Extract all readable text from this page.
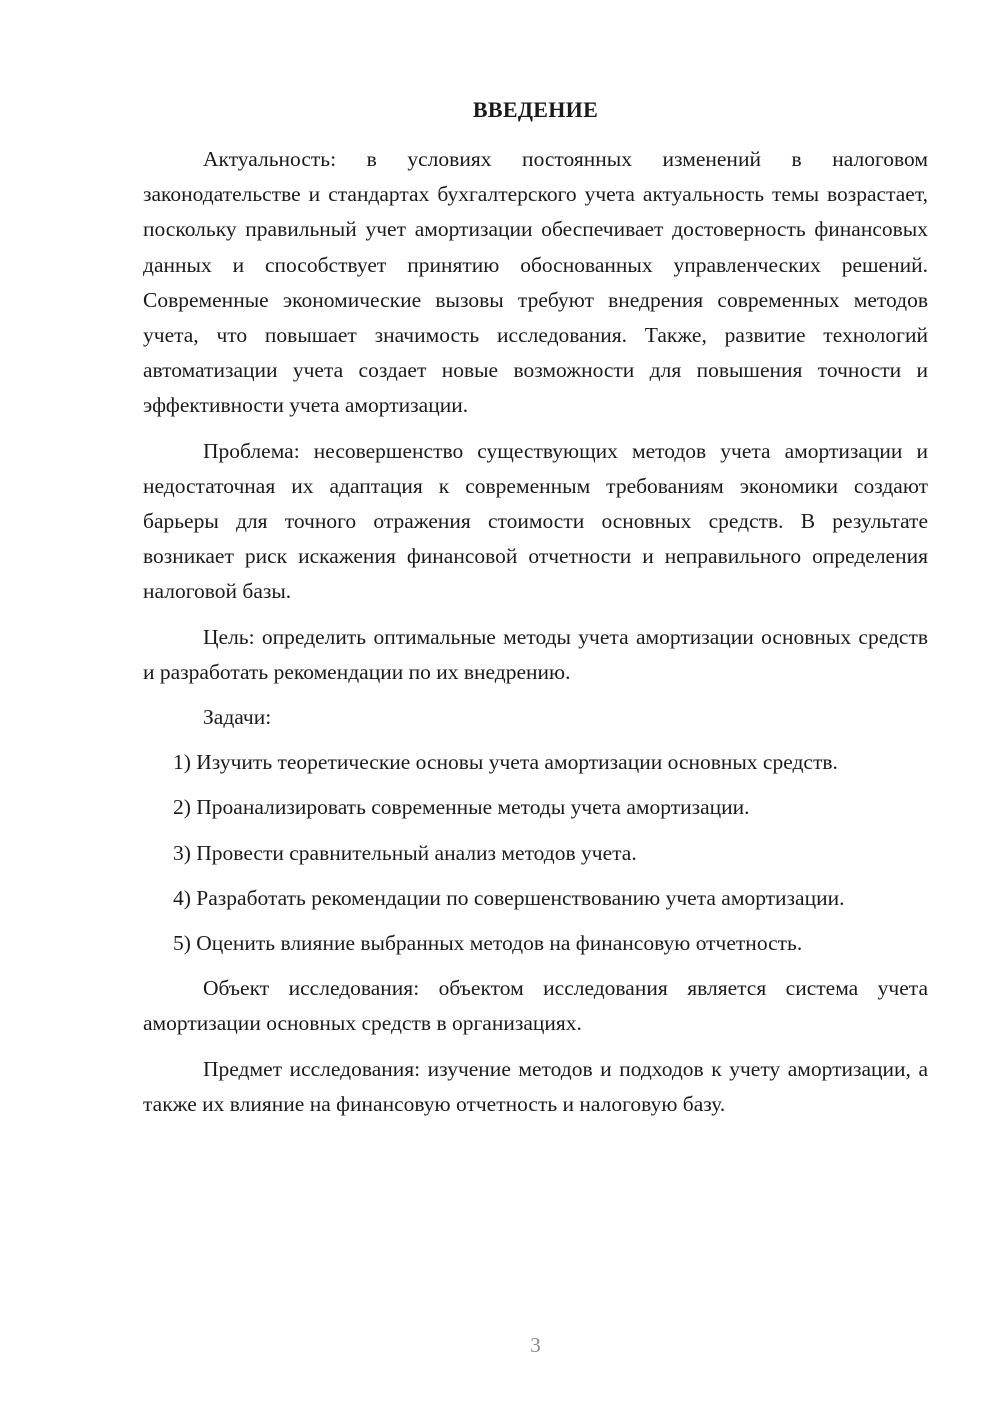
ВВЕДЕНИЕ

Актуальность: в условиях постоянных изменений в налоговом законодательстве и стандартах бухгалтерского учета актуальность темы возрастает, поскольку правильный учет амортизации обеспечивает достоверность финансовых данных и способствует принятию обоснованных управленческих решений. Современные экономические вызовы требуют внедрения современных методов учета, что повышает значимость исследования. Также, развитие технологий автоматизации учета создает новые возможности для повышения точности и эффективности учета амортизации.

Проблема: несовершенство существующих методов учета амортизации и недостаточная их адаптация к современным требованиям экономики создают барьеры для точного отражения стоимости основных средств. В результате возникает риск искажения финансовой отчетности и неправильного определения налоговой базы.

Цель: определить оптимальные методы учета амортизации основных средств и разработать рекомендации по их внедрению.

Задачи:

1) Изучить теоретические основы учета амортизации основных средств.

2) Проанализировать современные методы учета амортизации.

3) Провести сравнительный анализ методов учета.

4) Разработать рекомендации по совершенствованию учета амортизации.

5) Оценить влияние выбранных методов на финансовую отчетность.

Объект исследования: объектом исследования является система учета амортизации основных средств в организациях.

Предмет исследования: изучение методов и подходов к учету амортизации, а также их влияние на финансовую отчетность и налоговую базу.

3
